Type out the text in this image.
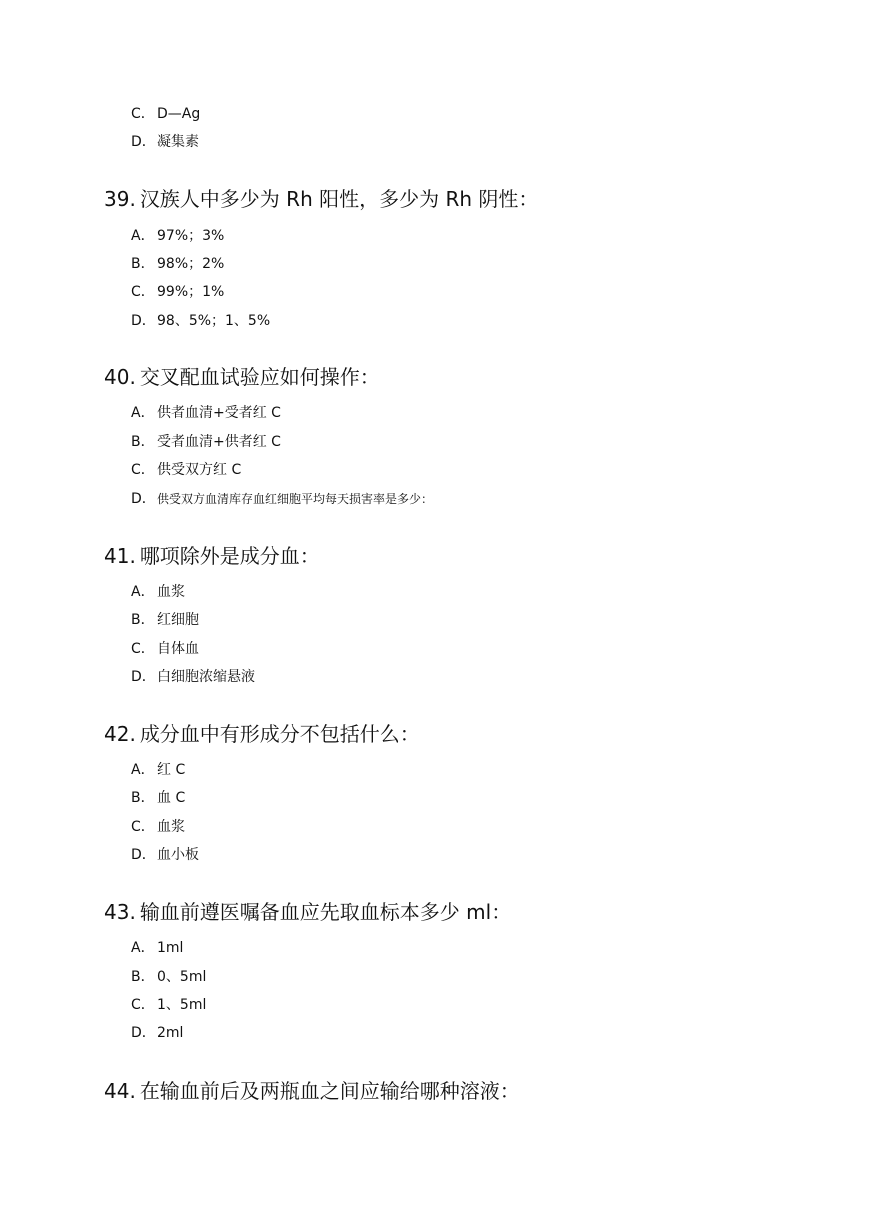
C． D—Ag
D．凝集素
39. 汉族人中多少为 Rh 阳性，多少为 Rh 阴性：
A． 97%；3%
B． 98%；2%
C． 99%；1%
D．98、5%；1、5%
40. 交叉配血试验应如何操作：
A． 供者血清+受者红 C
B． 受者血清+供者红 C
C． 供受双方红 C
D．供受双方血清库存血红细胞平均每天损害率是多少：
41. 哪项除外是成分血：
A． 血浆
B． 红细胞
C． 自体血
D．白细胞浓缩悬液
42. 成分血中有形成分不包括什么：
A． 红 C
B． 血 C
C． 血浆
D．血小板
43. 输血前遵医嘱备血应先取血标本多少 ml：
A． 1ml
B． 0、5ml
C． 1、5ml
D．2ml
44. 在输血前后及两瓶血之间应输给哪种溶液：
